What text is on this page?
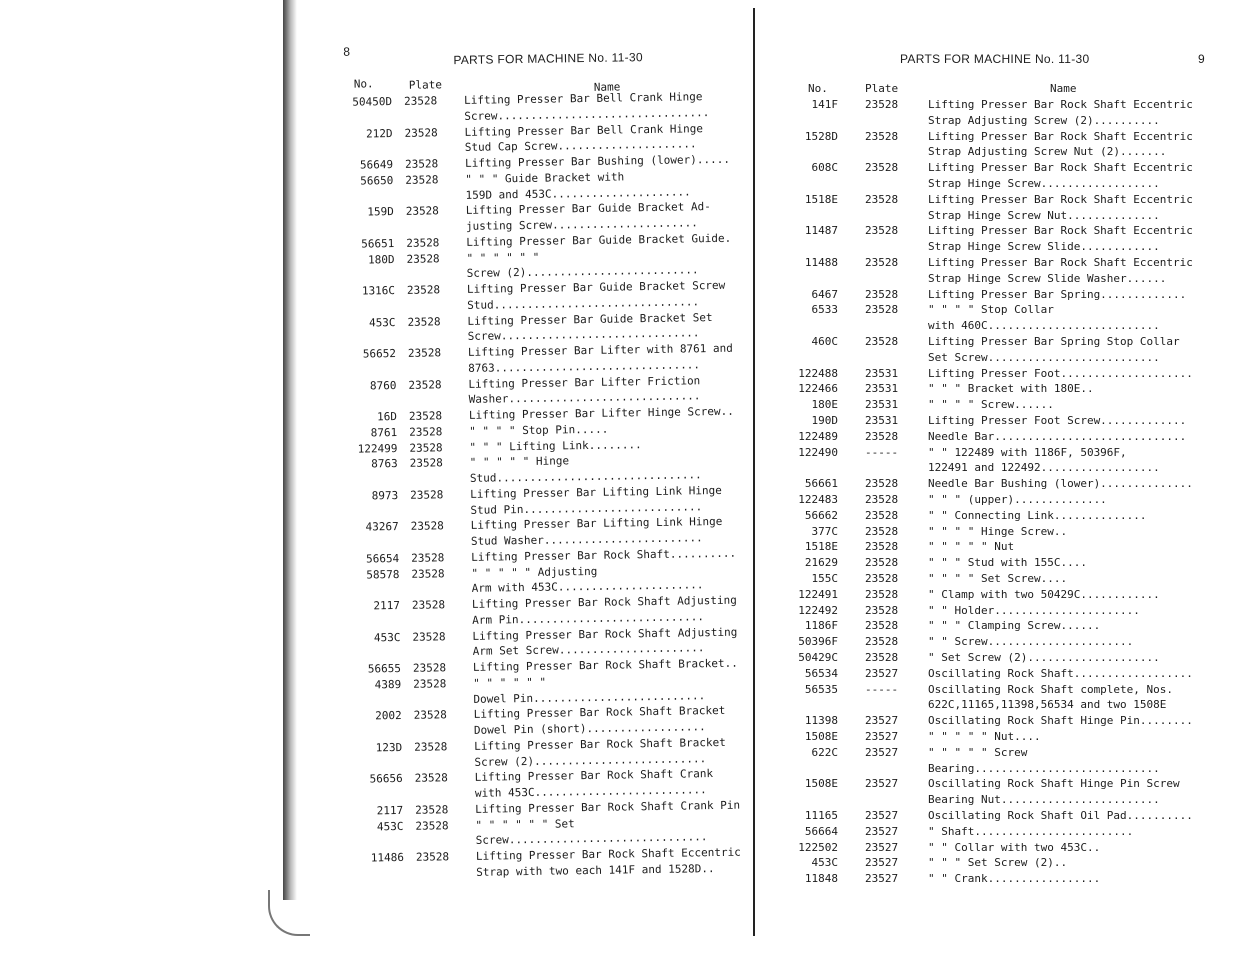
8	PARTS FOR MACHINE No. 11-30
No.	Plate	Name
50450D 23528 Lifting Presser Bar Bell Crank Hinge
Screw................................
212D 23528 Lifting Presser Bar Bell Crank Hinge
Stud Cap Screw.....................
56649 23528 Lifting Presser Bar Bushing (lower).....
56650 23528 " " " Guide Bracket with
159D and 453C.....................
159D 23528 Lifting Presser Bar Guide Bracket Ad-
justing Screw......................
56651 23528 Lifting Presser Bar Guide Bracket Guide.
180D 23528 " " " " " "
Screw (2)..........................
1316C 23528 Lifting Presser Bar Guide Bracket Screw
Stud...............................
453C 23528 Lifting Presser Bar Guide Bracket Set
Screw..............................
56652 23528 Lifting Presser Bar Lifter with 8761 and
8763...............................
8760 23528 Lifting Presser Bar Lifter Friction
Washer.............................
16D 23528 Lifting Presser Bar Lifter Hinge Screw..
8761 23528 " " " " Stop Pin.....
122499 23528 " " " Lifting Link........
8763 23528 " " " " " Hinge
Stud...............................
8973 23528 Lifting Presser Bar Lifting Link Hinge
Stud Pin...........................
43267 23528 Lifting Presser Bar Lifting Link Hinge
Stud Washer........................
56654 23528 Lifting Presser Bar Rock Shaft..........
58578 23528 " " " " " Adjusting
Arm with 453C......................
2117 23528 Lifting Presser Bar Rock Shaft Adjusting
Arm Pin............................
453C 23528 Lifting Presser Bar Rock Shaft Adjusting
Arm Set Screw......................
56655 23528 Lifting Presser Bar Rock Shaft Bracket..
4389 23528 " " " " " "
Dowel Pin..........................
2002 23528 Lifting Presser Bar Rock Shaft Bracket
Dowel Pin (short)..................
123D 23528 Lifting Presser Bar Rock Shaft Bracket
Screw (2)..........................
56656 23528 Lifting Presser Bar Rock Shaft Crank
with 453C..........................
2117 23528 Lifting Presser Bar Rock Shaft Crank Pin
453C 23528 " " " " " " Set
Screw..............................
11486 23528 Lifting Presser Bar Rock Shaft Eccentric
Strap with two each 141F and 1528D..
PARTS FOR MACHINE No. 11-30	9
No.	Plate	Name
141F 23528	Lifting Presser Bar Rock Shaft Eccentric
Strap Adjusting Screw (2)..........
1528D 23528	Lifting Presser Bar Rock Shaft Eccentric
Strap Adjusting Screw Nut (2).......
608C 23528	Lifting Presser Bar Rock Shaft Eccentric
Strap Hinge Screw..................
1518E 23528	Lifting Presser Bar Rock Shaft Eccentric
Strap Hinge Screw Nut..............
11487 23528	Lifting Presser Bar Rock Shaft Eccentric
Strap Hinge Screw Slide............
11488 23528	Lifting Presser Bar Rock Shaft Eccentric
Strap Hinge Screw Slide Washer......
6467 23528	Lifting Presser Bar Spring.............
6533 23528	" " " " Stop Collar
with 460C..........................
460C 23528	Lifting Presser Bar Spring Stop Collar
Set Screw..........................
122488 23531	Lifting Presser Foot....................
122466 23531	" " " Bracket with 180E..
180E 23531	" " " " Screw......
190D 23531	Lifting Presser Foot Screw.............
122489 23528	Needle Bar.............................
122490 -----	" " 122489 with 1186F, 50396F,
122491 and 122492..................
56661 23528	Needle Bar Bushing (lower)..............
122483 23528	" " " (upper)..............
56662 23528	" " Connecting Link..............
377C 23528	" " " " Hinge Screw..
1518E 23528	" " " " " Nut
21629 23528	" " " Stud with 155C....
155C 23528	" " " " Set Screw....
122491 23528	" Clamp with two 50429C............
122492 23528	" " Holder......................
1186F 23528	" " " Clamping Screw......
50396F 23528	" " Screw......................
50429C 23528	" Set Screw (2)....................
56534 23527	Oscillating Rock Shaft..................
56535 -----	Oscillating Rock Shaft complete, Nos.
622C,11165,11398,56534 and two 1508E
11398 23527	Oscillating Rock Shaft Hinge Pin........
1508E 23527	" " " " " Nut....
622C 23527	" " " " " Screw
Bearing............................
1508E 23527	Oscillating Rock Shaft Hinge Pin Screw
Bearing Nut........................
11165 23527	Oscillating Rock Shaft Oil Pad..........
56664 23527	" Shaft........................
122502 23527	" " Collar with two 453C..
453C 23527	" " " Set Screw (2)..
11848 23527	" " Crank.................
